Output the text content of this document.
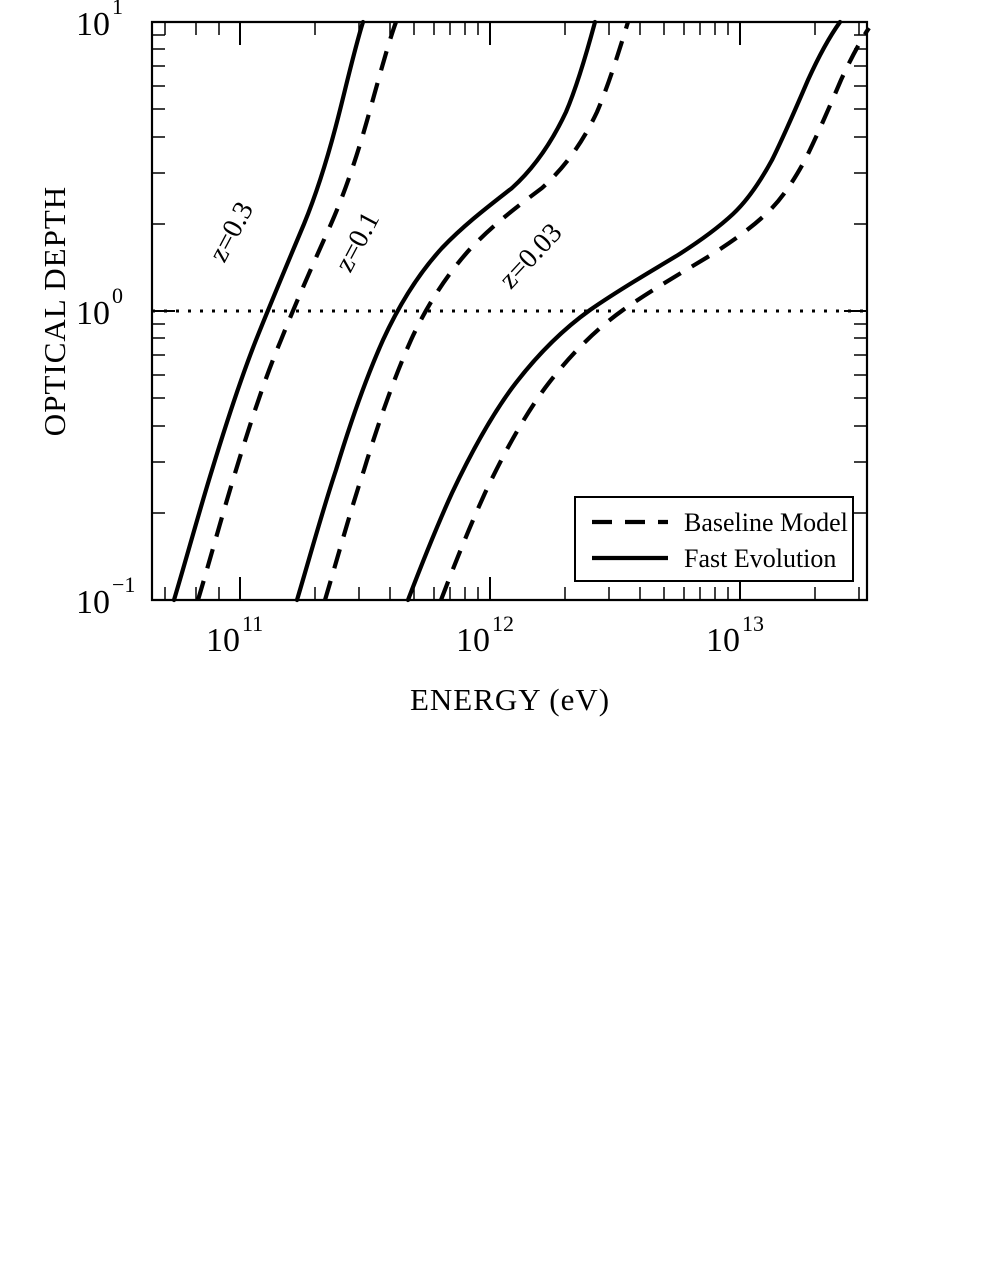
z=0.3 z=0.1	z=0.03
Baseline Model
Fast Evolution
10 −1
10 0
10 1
10 11	10 12	10 13
OPTICAL DEPTH
ENERGY (eV)
